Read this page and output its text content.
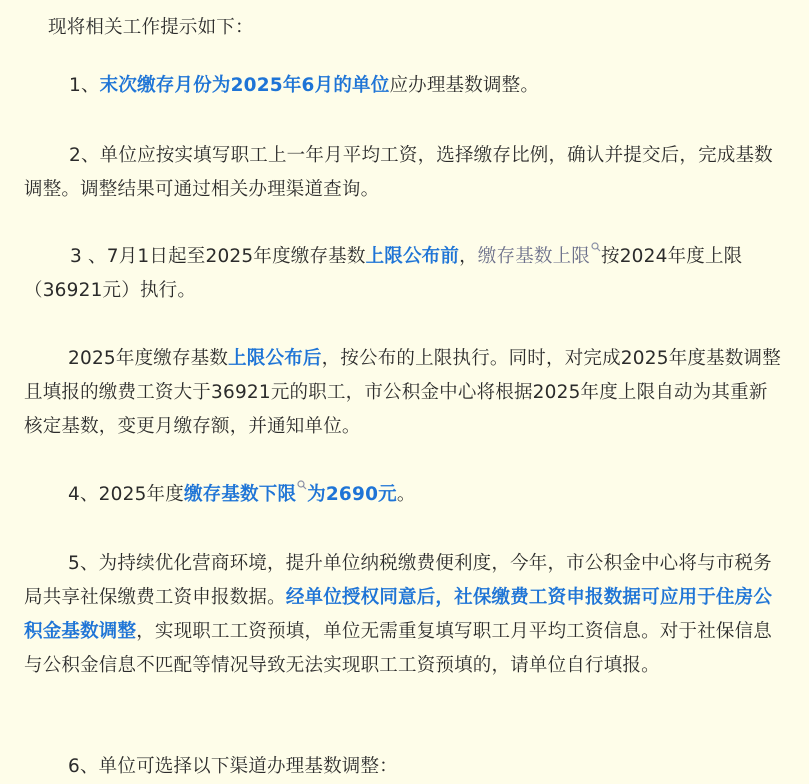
现将相关工作提示如下：

1、末次缴存月份为2025年6月的单位应办理基数调整。

2、单位应按实填写职工上一年月平均工资，选择缴存比例，确认并提交后，完成基数调整。调整结果可通过相关办理渠道查询。

3 、7月1日起至2025年度缴存基数上限公布前，缴存基数上限 按2024年度上限（36921元）执行。

2025年度缴存基数上限公布后，按公布的上限执行。同时，对完成2025年度基数调整且填报的缴费工资大于36921元的职工，市公积金中心将根据2025年度上限自动为其重新核定基数，变更月缴存额，并通知单位。

4、2025年度缴存基数下限 为2690元。

5、为持续优化营商环境，提升单位纳税缴费便利度，今年，市公积金中心将与市税务局共享社保缴费工资申报数据。经单位授权同意后，社保缴费工资申报数据可应用于住房公积金基数调整，实现职工工资预填，单位无需重复填写职工月平均工资信息。对于社保信息与公积金信息不匹配等情况导致无法实现职工工资预填的，请单位自行填报。

6、单位可选择以下渠道办理基数调整：
